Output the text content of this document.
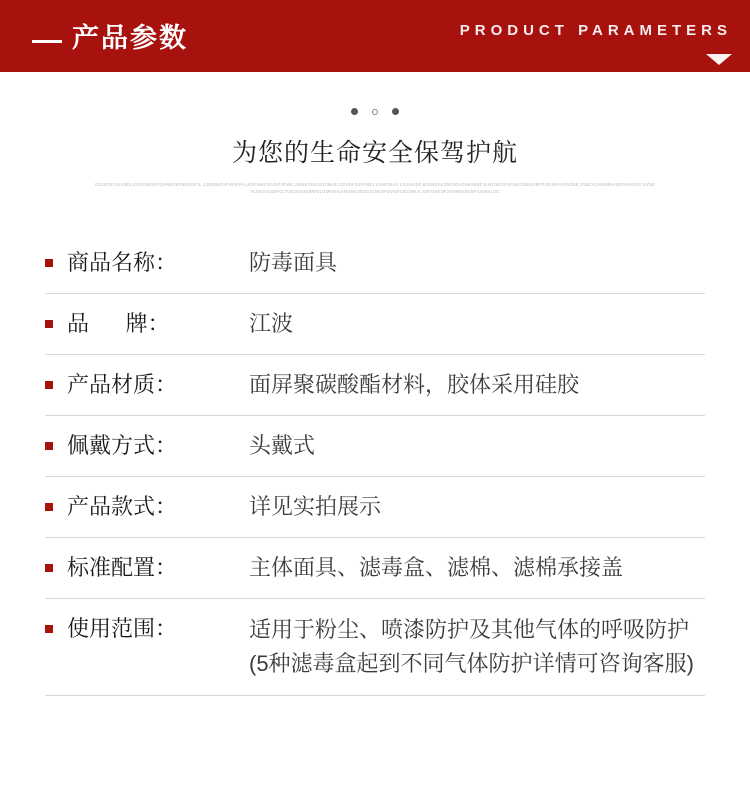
产品参数	PRODUCT PARAMETERS

为您的生命安全保驾护航
OEJROFJSLIOES,JHGOIBODFGHNKOEFBKSDFJL,SJDNBKDJFHSIFPA,UIDFNIKFSAOIFJFNIK,JSDHFOSLIDSJMUF,LDIUDFOJFPSEJ,LGNFDHIV LSIUHJDF,BJDNGFKJDFSGHDNKSEBFJLIKGSDJFNCSKOSBKEIBFPJOINFAUFNDSE,SVBCKJHNMRAISDFHVEISG:KVNEIKJVCHSGDFOLTUEOSGNUMFDLGMFBHLKNURKOESDJGNESFDVNRCBCSNLK,ASFGNKDFJGHBNVIEISFVJNBALSD
商品名称：	防毒面具
品      牌：	江波
产品材质：	面屏聚碳酸酯材料，胶体采用硅胶
佩戴方式：	头戴式
产品款式：	详见实拍展示
标准配置：	主体面具、滤毒盒、滤棉、滤棉承接盖
使用范围：	适用于粉尘、喷漆防护及其他气体的呼吸防护(5种滤毒盒起到不同气体防护详情可咨询客服)
